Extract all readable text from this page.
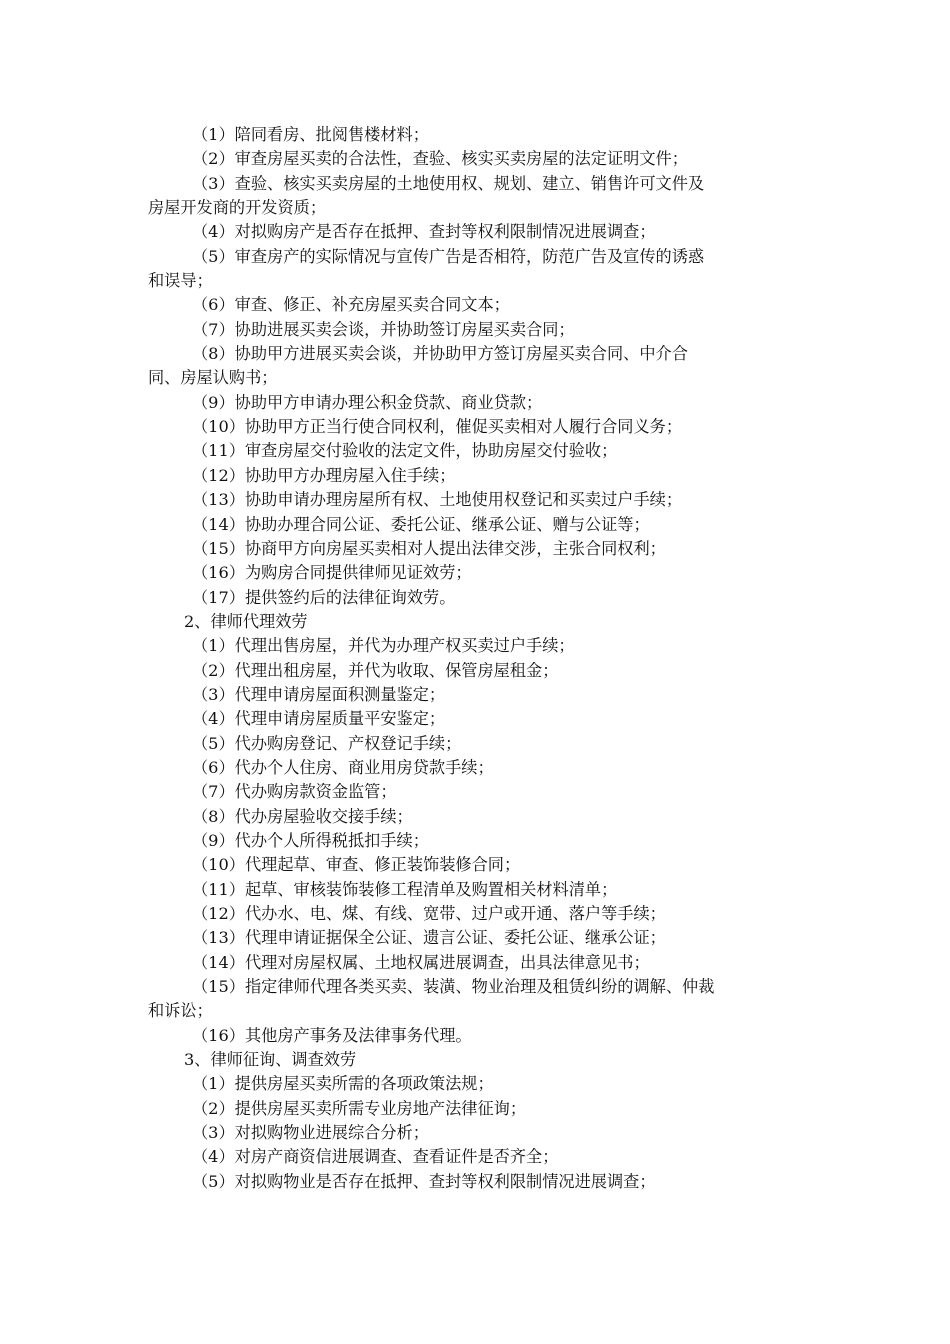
（1）陪同看房、批阅售楼材料；
（2）审查房屋买卖的合法性，查验、核实买卖房屋的法定证明文件；
（3）查验、核实买卖房屋的土地使用权、规划、建立、销售许可文件及
房屋开发商的开发资质；
（4）对拟购房产是否存在抵押、查封等权利限制情况进展调查；
（5）审查房产的实际情况与宣传广告是否相符，防范广告及宣传的诱惑
和误导；
（6）审查、修正、补充房屋买卖合同文本；
（7）协助进展买卖会谈，并协助签订房屋买卖合同；
（8）协助甲方进展买卖会谈，并协助甲方签订房屋买卖合同、中介合
同、房屋认购书；
（9）协助甲方申请办理公积金贷款、商业贷款；
（10）协助甲方正当行使合同权利，催促买卖相对人履行合同义务；
（11）审查房屋交付验收的法定文件，协助房屋交付验收；
（12）协助甲方办理房屋入住手续；
（13）协助申请办理房屋所有权、土地使用权登记和买卖过户手续；
（14）协助办理合同公证、委托公证、继承公证、赠与公证等；
（15）协商甲方向房屋买卖相对人提出法律交涉，主张合同权利；
（16）为购房合同提供律师见证效劳；
（17）提供签约后的法律征询效劳。
2、律师代理效劳
（1）代理出售房屋，并代为办理产权买卖过户手续；
（2）代理出租房屋，并代为收取、保管房屋租金；
（3）代理申请房屋面积测量鉴定；
（4）代理申请房屋质量平安鉴定；
（5）代办购房登记、产权登记手续；
（6）代办个人住房、商业用房贷款手续；
（7）代办购房款资金监管；
（8）代办房屋验收交接手续；
（9）代办个人所得税抵扣手续；
（10）代理起草、审查、修正装饰装修合同；
（11）起草、审核装饰装修工程清单及购置相关材料清单；
（12）代办水、电、煤、有线、宽带、过户或开通、落户等手续；
（13）代理申请证据保全公证、遗言公证、委托公证、继承公证；
（14）代理对房屋权属、土地权属进展调查，出具法律意见书；
（15）指定律师代理各类买卖、装潢、物业治理及租赁纠纷的调解、仲裁
和诉讼；
（16）其他房产事务及法律事务代理。
3、律师征询、调查效劳
（1）提供房屋买卖所需的各项政策法规；
（2）提供房屋买卖所需专业房地产法律征询；
（3）对拟购物业进展综合分析；
（4）对房产商资信进展调查、查看证件是否齐全；
（5）对拟购物业是否存在抵押、查封等权利限制情况进展调查；
